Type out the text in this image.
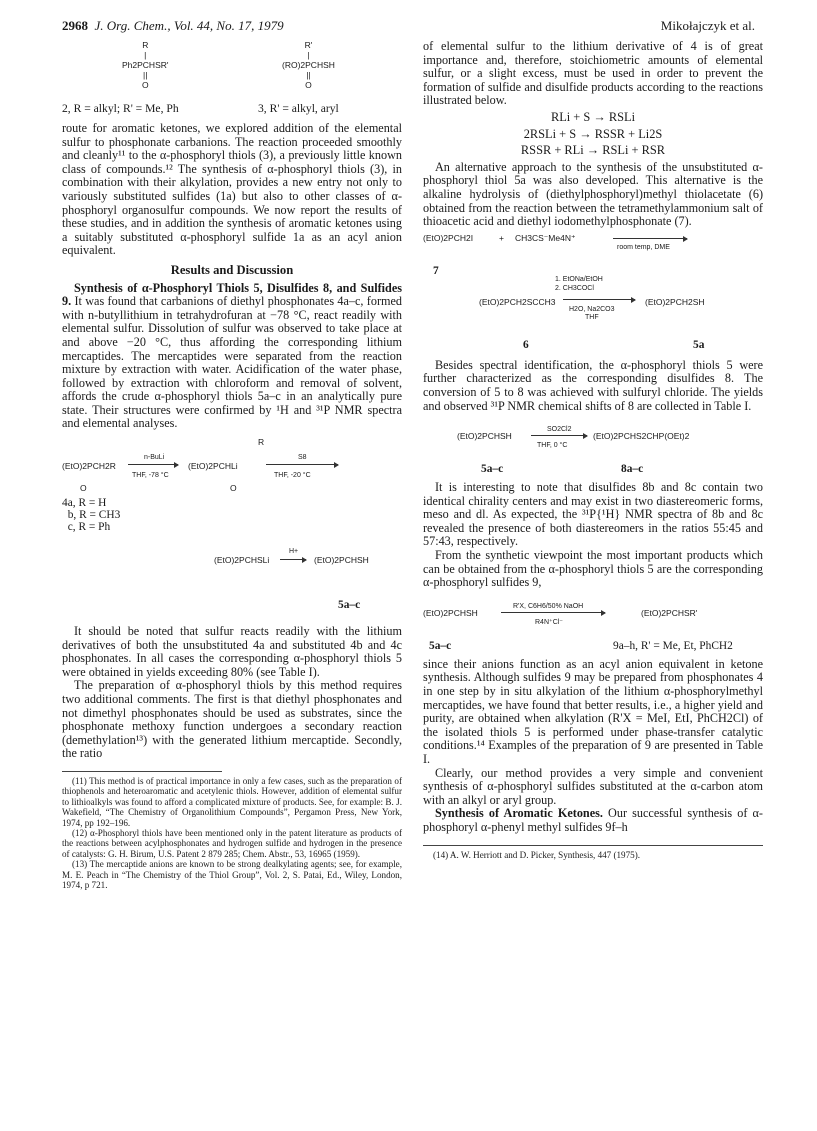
2968 J. Org. Chem., Vol. 44, No. 17, 1979	Mikołajczyk et al.
R
|
Ph2PCHSR'
||
O
R'
|
(RO)2PCHSH
||
O
2, R = alkyl; R' = Me, Ph	3, R' = alkyl, aryl

route for aromatic ketones, we explored addition of the elemental sulfur to phosphonate carbanions. The reaction proceeded smoothly and cleanly¹¹ to the α-phosphoryl thiols (3), a previously little known class of compounds.¹² The synthesis of α-phosphoryl thiols (3), in combination with their alkylation, provides a new entry not only to variously substituted sulfides (1a) but also to other classes of α-phosphoryl organosulfur compounds. We now report the results of these studies, and in addition the synthesis of aromatic ketones using a suitably substituted α-phosphoryl sulfide 1a as an acyl anion equivalent.

Results and Discussion

Synthesis of α-Phosphoryl Thiols 5, Disulfides 8, and Sulfides 9. It was found that carbanions of diethyl phosphonates 4a–c, formed with n-butyllithium in tetrahydrofuran at −78 °C, react readily with elemental sulfur. Dissolution of sulfur was observed to take place at and above −20 °C, thus affording the corresponding lithium mercaptides. The mercaptides were separated from the reaction mixture by extraction with water. Acidification of the water phase, followed by extraction with chloroform and removal of solvent, affords the crude α-phosphoryl thiols 5a–c in an analytically pure state. Their structures were confirmed by ¹H and ³¹P NMR spectra and elemental analyses.

R
(EtO)2PCH2R
n-BuLi
THF, -78 °C
(EtO)2PCHLi
S8
THF, -20 °C
O	O
4a, R = H
b, R = CH3
c, R = Ph
(EtO)2PCHSLi
H+
→ (EtO)2PCHSH
5a–c

It should be noted that sulfur reacts readily with the lithium derivatives of both the unsubstituted 4a and substituted 4b and 4c phosphonates. In all cases the corresponding α-phosphoryl thiols 5 were obtained in yields exceeding 80% (see Table I).

The preparation of α-phosphoryl thiols by this method requires two additional comments. The first is that diethyl phosphonates and not dimethyl phosphonates should be used as substrates, since the phosphonate methoxy function undergoes a secondary reaction (demethylation¹³) with the generated lithium mercaptide. Secondly, the ratio

(11) This method is of practical importance in only a few cases, such as the preparation of thiophenols and heteroaromatic and acetylenic thiols. However, addition of elemental sulfur to lithioalkyls was found to afford a complicated mixture of products. See, for example: B. J. Wakefield, “The Chemistry of Organolithium Compounds”, Pergamon Press, New York, 1974, pp 192–196.

(12) α-Phosphoryl thiols have been mentioned only in the patent literature as products of the reactions between acylphosphonates and hydrogen sulfide and hydrogen in the presence of catalysts: G. H. Birum, U.S. Patent 2 879 285; Chem. Abstr., 53, 16965 (1959).

(13) The mercaptide anions are known to be strong dealkylating agents; see, for example, M. E. Peach in “The Chemistry of the Thiol Group”, Vol. 2, S. Patai, Ed., Wiley, London, 1974, p 721.

of elemental sulfur to the lithium derivative of 4 is of great importance and, therefore, stoichiometric amounts of elemental sulfur, or a slight excess, must be used in order to prevent the formation of sulfide and disulfide products according to the reactions illustrated below.

RLi + S → RSLi
2RSLi + S → RSSR + Li2S
RSSR + RLi → RSLi + RSR

An alternative approach to the synthesis of the unsubstituted α-phosphoryl thiol 5a was also developed. This alternative is the alkaline hydrolysis of (diethylphosphoryl)methyl thiolacetate (6) obtained from the reaction between the tetramethylammonium salt of thioacetic acid and diethyl iodomethylphosphonate (7).

(EtO)2PCH2I	+ CH3CS⁻Me4N⁺
room temp, DME
7
1. EtONa/EtOH
2. CH3COCl
(EtO)2PCH2SCCH3
H2O, Na2CO3
THF
(EtO)2PCH2SH
6	5a

Besides spectral identification, the α-phosphoryl thiols 5 were further characterized as the corresponding disulfides 8. The conversion of 5 to 8 was achieved with sulfuryl chloride. The yields and observed ³¹P NMR chemical shifts of 8 are collected in Table I.

(EtO)2PCHSH
SO2Cl2
THF, 0 °C
(EtO)2PCHS2CHP(OEt)2
5a–c	8a–c

It is interesting to note that disulfides 8b and 8c contain two identical chirality centers and may exist in two diastereomeric forms, meso and dl. As expected, the ³¹P{¹H} NMR spectra of 8b and 8c revealed the presence of both diastereomers in the ratios 55:45 and 57:43, respectively.

From the synthetic viewpoint the most important products which can be obtained from the α-phosphoryl thiols 5 are the corresponding α-phosphoryl sulfides 9,

(EtO)2PCHSH
R'X, C6H6/50% NaOH
R4N⁺Cl⁻
(EtO)2PCHSR'
5a–c	9a–h, R' = Me, Et, PhCH2

since their anions function as an acyl anion equivalent in ketone synthesis. Although sulfides 9 may be prepared from phosphonates 4 in one step by in situ alkylation of the lithium α-phosphorylmethyl mercaptides, we have found that better results, i.e., a higher yield and purity, are obtained when alkylation (R'X = MeI, EtI, PhCH2Cl) of the isolated thiols 5 is performed under phase-transfer catalytic conditions.¹⁴ Examples of the preparation of 9 are presented in Table I.

Clearly, our method provides a very simple and convenient synthesis of α-phosphoryl sulfides substituted at the α-carbon atom with an alkyl or aryl group.

Synthesis of Aromatic Ketones. Our successful synthesis of α-phosphoryl α-phenyl methyl sulfides 9f–h

(14) A. W. Herriott and D. Picker, Synthesis, 447 (1975).
